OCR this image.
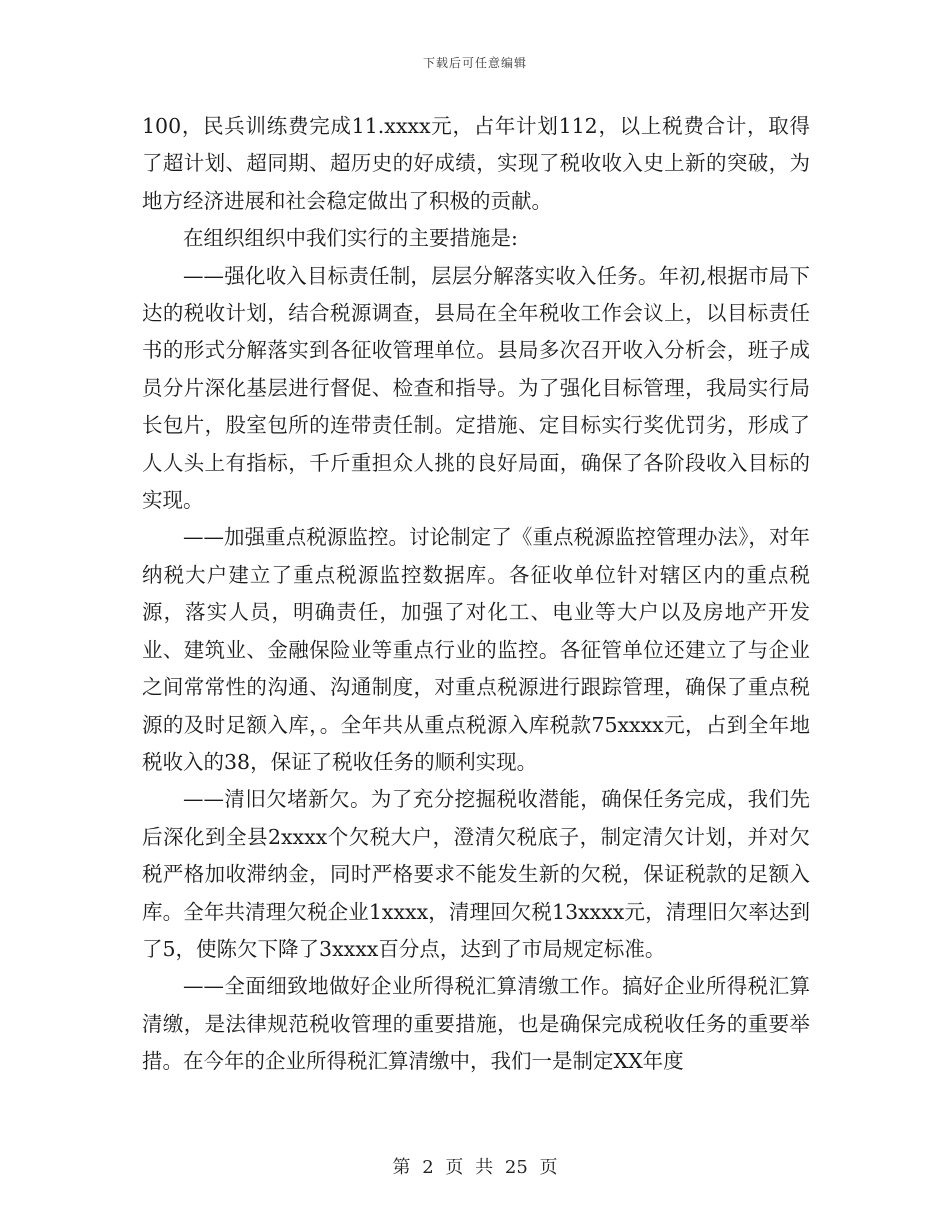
下载后可任意编辑

100，民兵训练费完成11.xxxx元，占年计划112，以上税费合计，取得了超计划、超同期、超历史的好成绩，实现了税收收入史上新的突破，为地方经济进展和社会稳定做出了积极的贡献。

在组织组织中我们实行的主要措施是:

——强化收入目标责任制，层层分解落实收入任务。年初,根据市局下达的税收计划，结合税源调查，县局在全年税收工作会议上，以目标责任书的形式分解落实到各征收管理单位。县局多次召开收入分析会，班子成员分片深化基层进行督促、检查和指导。为了强化目标管理，我局实行局长包片，股室包所的连带责任制。定措施、定目标实行奖优罚劣，形成了人人头上有指标，千斤重担众人挑的良好局面，确保了各阶段收入目标的实现。

——加强重点税源监控。讨论制定了《重点税源监控管理办法》，对年纳税大户建立了重点税源监控数据库。各征收单位针对辖区内的重点税源，落实人员，明确责任，加强了对化工、电业等大户以及房地产开发业、建筑业、金融保险业等重点行业的监控。各征管单位还建立了与企业之间常常性的沟通、沟通制度，对重点税源进行跟踪管理，确保了重点税源的及时足额入库，。全年共从重点税源入库税款75xxxx元，占到全年地税收入的38，保证了税收任务的顺利实现。

——清旧欠堵新欠。为了充分挖掘税收潜能，确保任务完成，我们先后深化到全县2xxxx个欠税大户，澄清欠税底子，制定清欠计划，并对欠税严格加收滞纳金，同时严格要求不能发生新的欠税，保证税款的足额入库。全年共清理欠税企业1xxxx，清理回欠税13xxxx元，清理旧欠率达到了5，使陈欠下降了3xxxx百分点，达到了市局规定标准。

——全面细致地做好企业所得税汇算清缴工作。搞好企业所得税汇算清缴，是法律规范税收管理的重要措施，也是确保完成税收任务的重要举措。在今年的企业所得税汇算清缴中，我们一是制定XX年度

第 2 页 共 25 页
